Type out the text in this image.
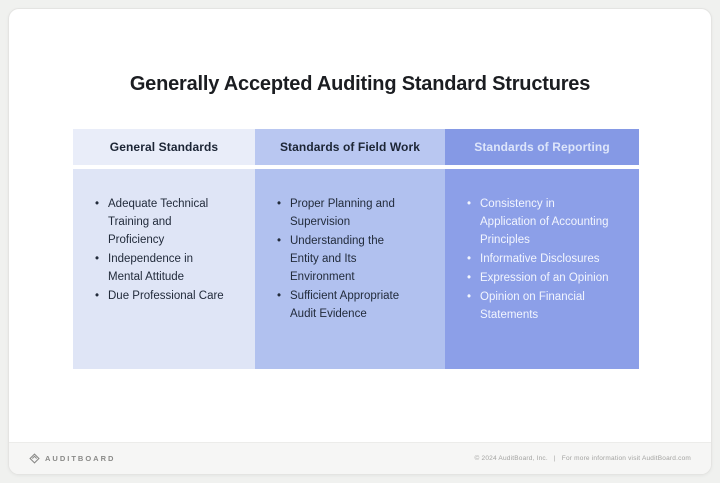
Generally Accepted Auditing Standard Structures
General Standards
• Adequate Technical Training and Proficiency
• Independence in Mental Attitude
• Due Professional Care
Standards of Field Work
• Proper Planning and Supervision
• Understanding the Entity and Its Environment
• Sufficient Appropriate Audit Evidence
Standards of Reporting
• Consistency in Application of Accounting Principles
• Informative Disclosures
• Expression of an Opinion
• Opinion on Financial Statements
AUDITBOARD	© 2024 AuditBoard, Inc. | For more information visit AuditBoard.com
